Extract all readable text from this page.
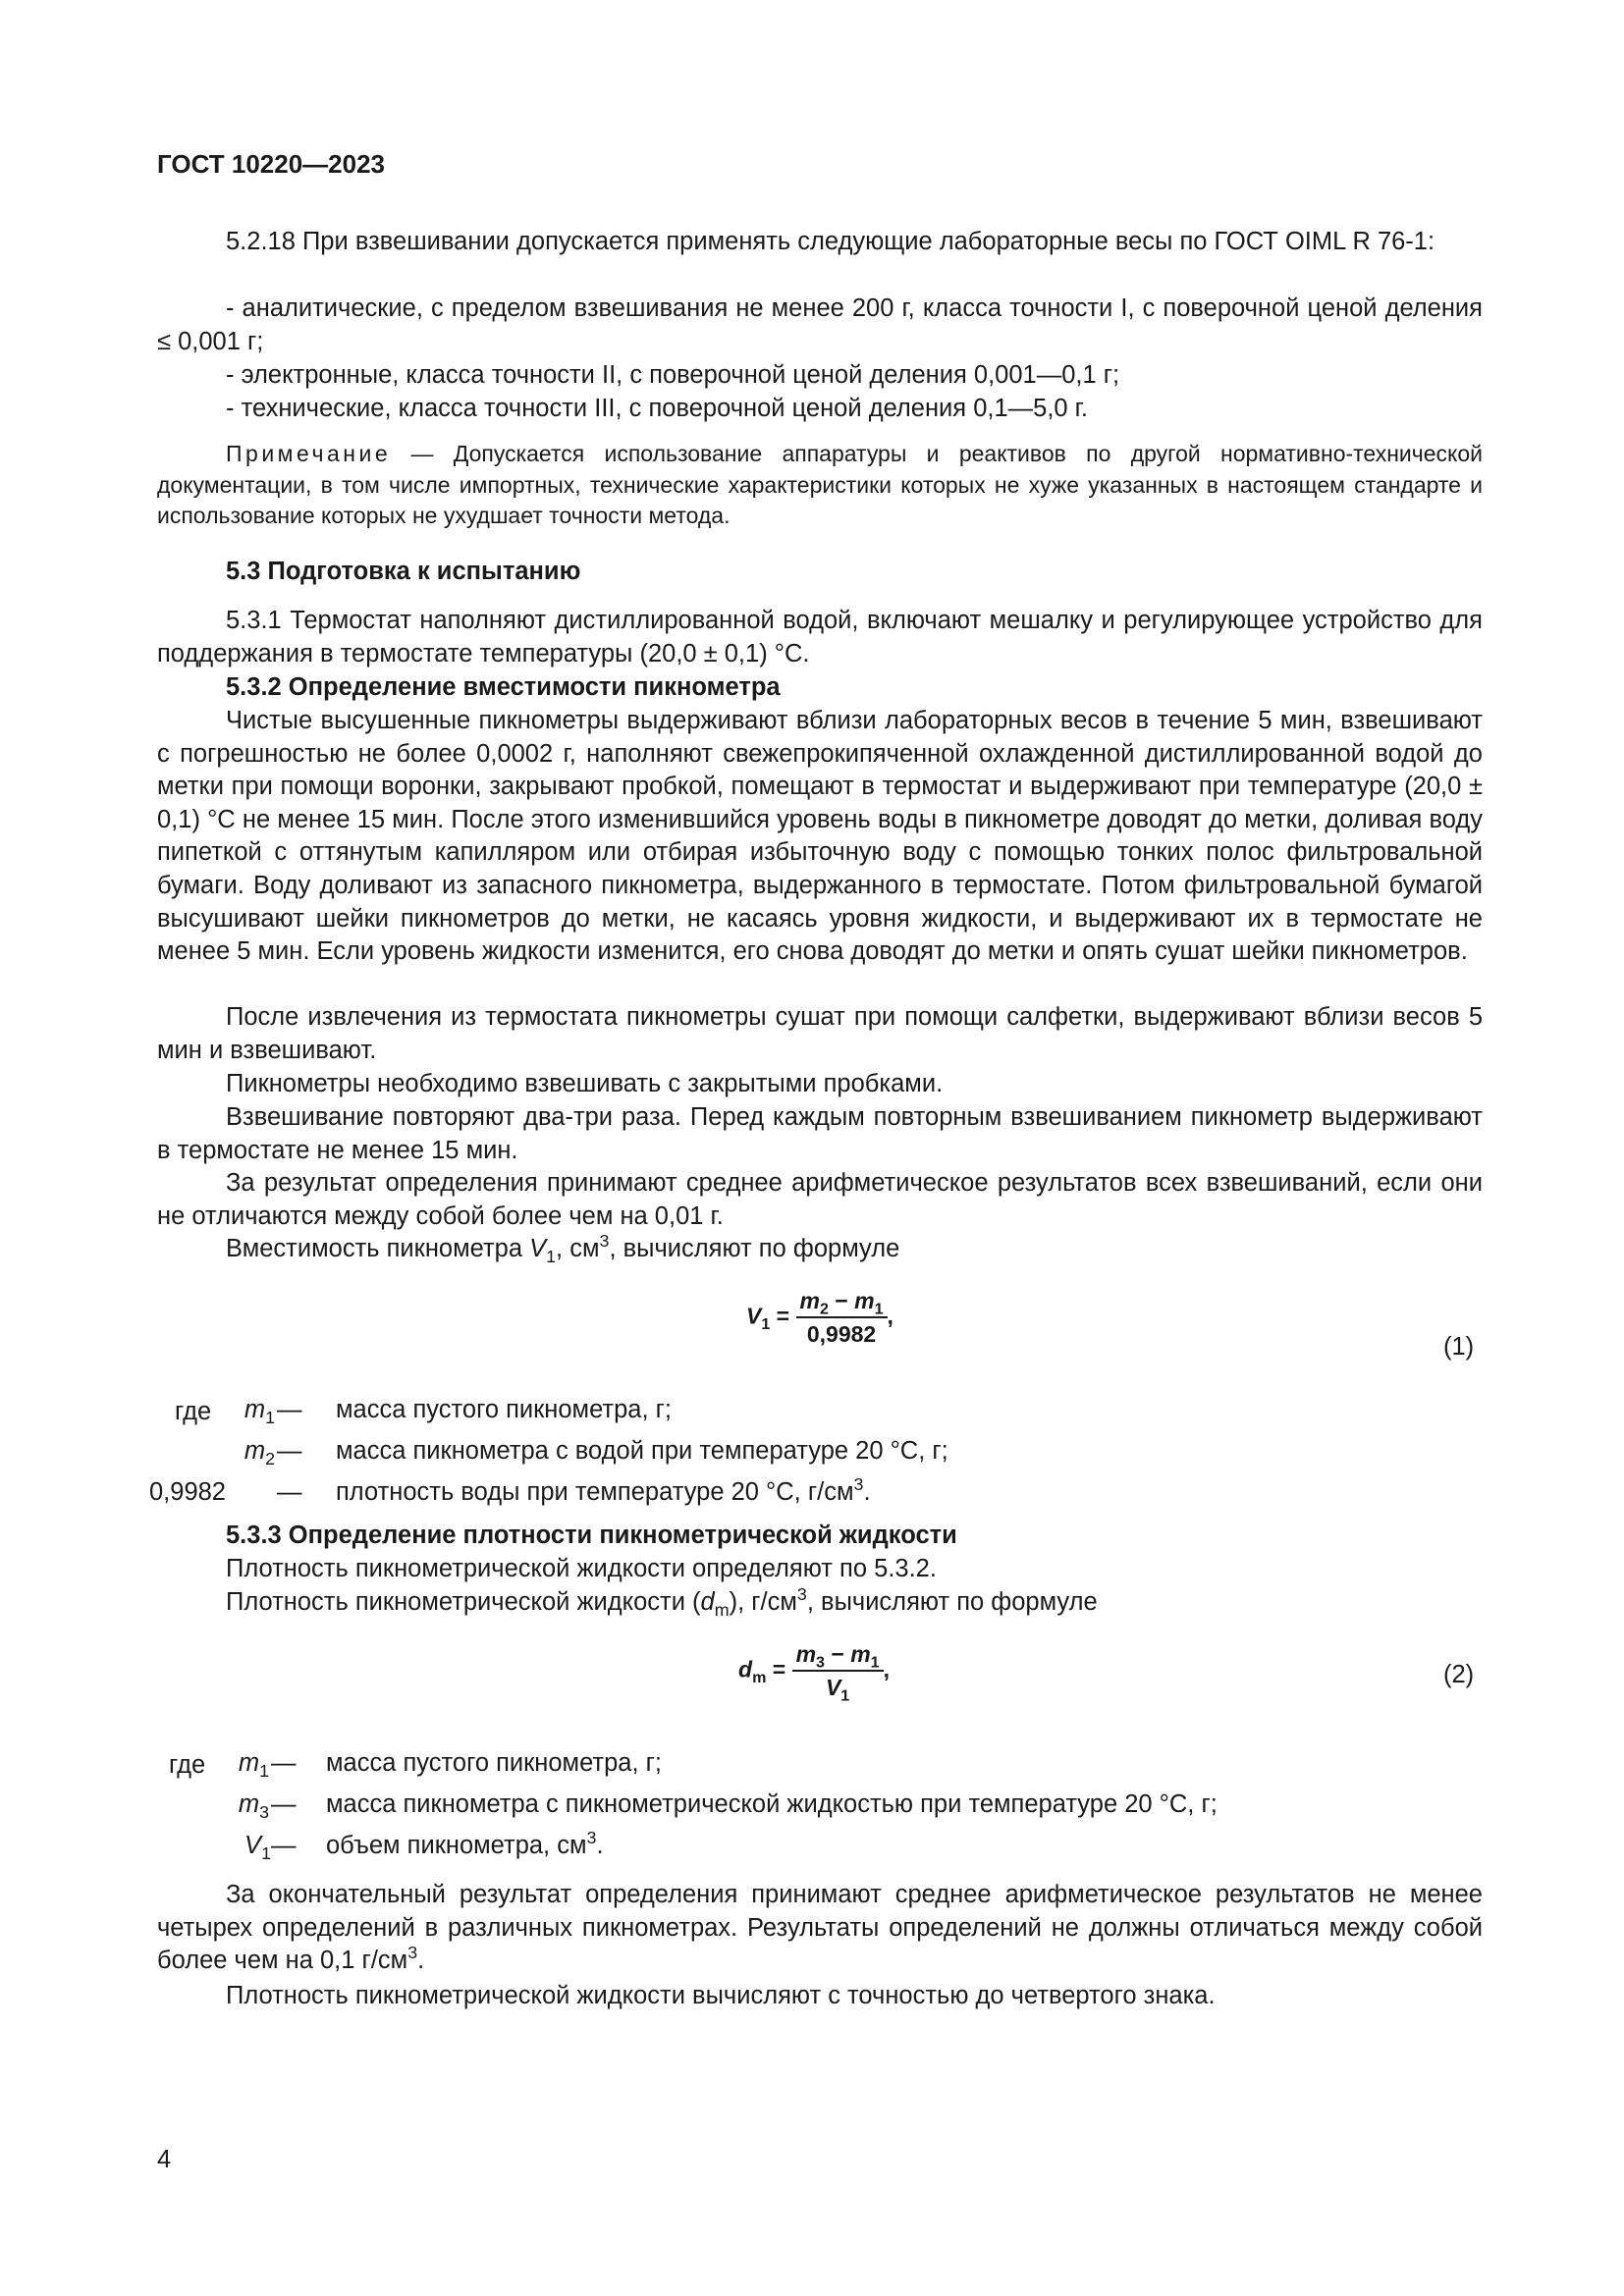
ГОСТ 10220—2023
5.2.18 При взвешивании допускается применять следующие лабораторные весы по ГОСТ OIML R 76-1:
- аналитические, с пределом взвешивания не менее 200 г, класса точности I, с поверочной ценой деления ≤ 0,001 г;
- электронные, класса точности II, с поверочной ценой деления 0,001—0,1 г;
- технические, класса точности III, с поверочной ценой деления 0,1—5,0 г.
Примечание — Допускается использование аппаратуры и реактивов по другой нормативно-технической документации, в том числе импортных, технические характеристики которых не хуже указанных в настоящем стандарте и использование которых не ухудшает точности метода.
5.3 Подготовка к испытанию
5.3.1 Термостат наполняют дистиллированной водой, включают мешалку и регулирующее устройство для поддержания в термостате температуры (20,0 ± 0,1) °C.
5.3.2 Определение вместимости пикнометра
Чистые высушенные пикнометры выдерживают вблизи лабораторных весов в течение 5 мин, взвешивают с погрешностью не более 0,0002 г, наполняют свежепрокипяченной охлажденной дистиллированной водой до метки при помощи воронки, закрывают пробкой, помещают в термостат и выдерживают при температуре (20,0 ± 0,1) °C не менее 15 мин. После этого изменившийся уровень воды в пикнометре доводят до метки, доливая воду пипеткой с оттянутым капилляром или отбирая избыточную воду с помощью тонких полос фильтровальной бумаги. Воду доливают из запасного пикнометра, выдержанного в термостате. Потом фильтровальной бумагой высушивают шейки пикнометров до метки, не касаясь уровня жидкости, и выдерживают их в термостате не менее 5 мин. Если уровень жидкости изменится, его снова доводят до метки и опять сушат шейки пикнометров.
После извлечения из термостата пикнометры сушат при помощи салфетки, выдерживают вблизи весов 5 мин и взвешивают.
Пикнометры необходимо взвешивать с закрытыми пробками.
Взвешивание повторяют два-три раза. Перед каждым повторным взвешиванием пикнометр выдерживают в термостате не менее 15 мин.
За результат определения принимают среднее арифметическое результатов всех взвешиваний, если они не отличаются между собой более чем на 0,01 г.
Вместимость пикнометра $V_1$, $см^3$, вычисляют по формуле
$V_1 = \frac{m_2 - m_1}{0,9982}$ ,
(1)
где $m_1$ — масса пустого пикнометра, г;
$m_2$ — масса пикнометра с водой при температуре 20 °C, г;
0,9982 — плотность воды при температуре 20 °C, $г/см^3$.
5.3.3 Определение плотности пикнометрической жидкости
Плотность пикнометрической жидкости определяют по 5.3.2.
Плотность пикнометрической жидкости $(d_m)$, $г/см^3$, вычисляют по формуле
$d_m = \frac{m_3 - m_1}{V_1}$ ,	(2)
где $m_1$ — масса пустого пикнометра, г;
$m_3$ — масса пикнометра с пикнометрической жидкостью при температуре 20 °C, г;
$V_1$ — объем пикнометра, $см^3$.
За окончательный результат определения принимают среднее арифметическое результатов не менее четырех определений в различных пикнометрах. Результаты определений не должны отличаться между собой более чем на 0,1 $г/см^3$.
Плотность пикнометрической жидкости вычисляют с точностью до четвертого знака.
4
